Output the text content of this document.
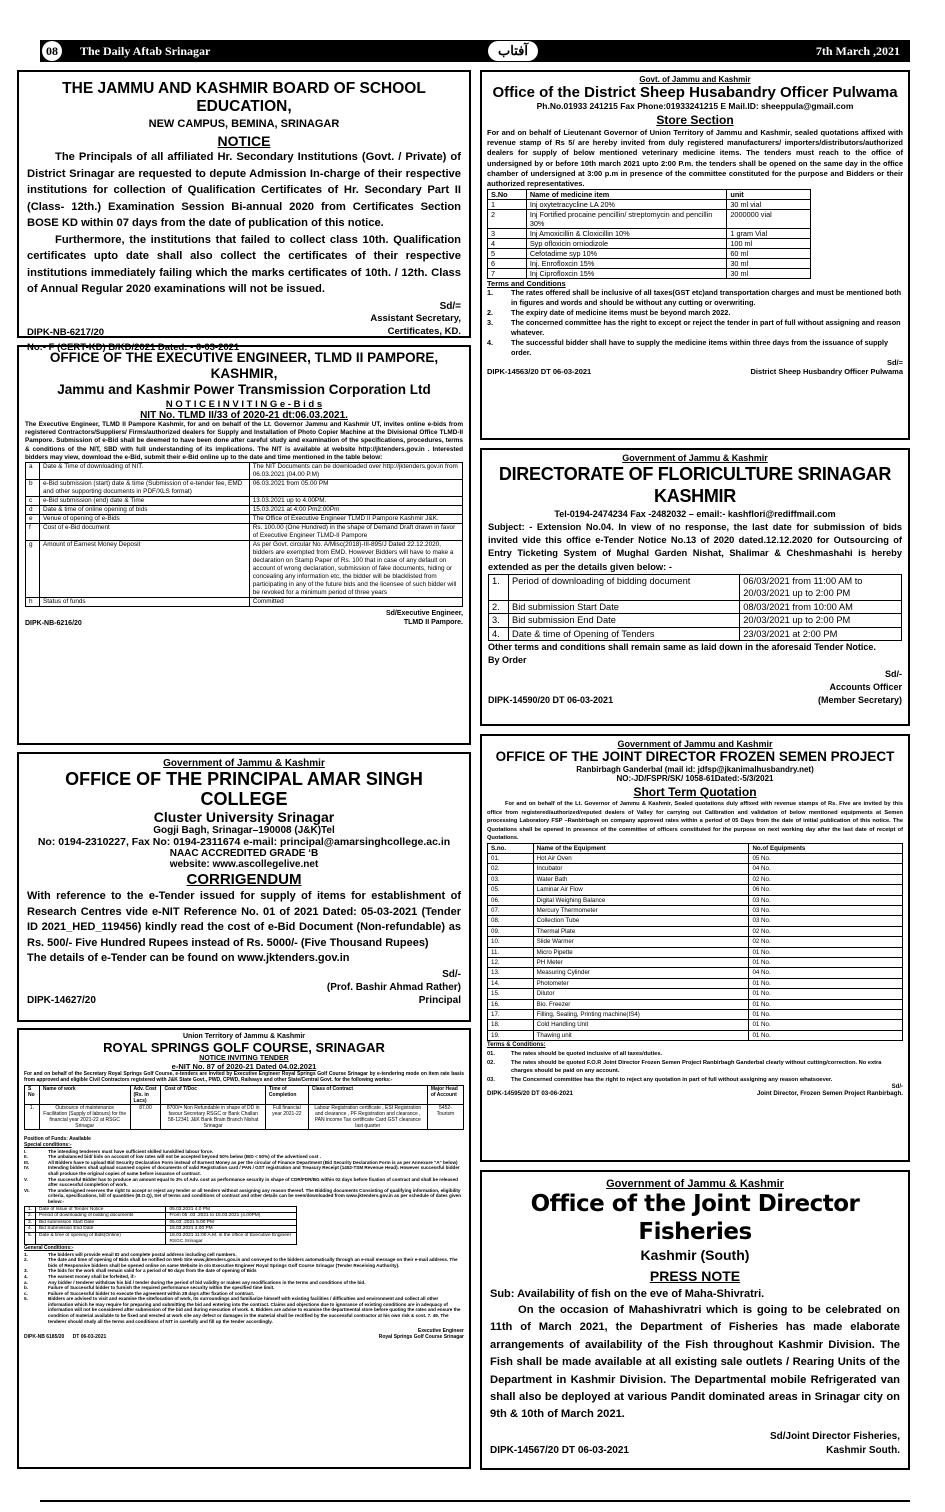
08	The Daily Aftab Srinagar	آفتاب	7th March ,2021
THE JAMMU AND KASHMIR BOARD OF SCHOOL EDUCATION,
NEW CAMPUS, BEMINA, SRINAGAR
NOTICE

The Principals of all affiliated Hr. Secondary Institutions (Govt. / Private) of District Srinagar are requested to depute Admission In-charge of their respective institutions for collection of Qualification Certificates of Hr. Secondary Part II (Class- 12th.) Examination Session Bi-annual 2020 from Certificates Section BOSE KD within 07 days from the date of publication of this notice.

Furthermore, the institutions that failed to collect class 10th. Qualification certificates upto date shall also collect the certificates of their respective institutions immediately failing which the marks certificates of 10th. / 12th. Class of Annual Regular 2020 examinations will not be issued.

Sd/=
DIPK-NB-6217/20
Assistant Secretary,
Certificates, KD.
No:- F (CERT-KD) B/KD/2021 Dated: - 6-03-2021
OFFICE OF THE EXECUTIVE ENGINEER, TLMD II PAMPORE, KASHMIR,
Jammu and Kashmir Power Transmission Corporation Ltd
N O T I C E I N V I T I N G e - B i d s
NIT No. TLMD II/33 of 2020-21 dt:06.03.2021.

The Executive Engineer, TLMD II Pampore Kashmir, for and on behalf of the Lt. Governor Jammu and Kashmir UT, invites online e-bids from registered Contractors/Suppliers/ Firms/authorized dealers for Supply and Installation of Photo Copier Machine at the Divisional Office TLMD-II Pampore. Submission of e-Bid shall be deemed to have been done after careful study and examination of the specifications, procedures, terms & conditions of the NIT, SBD with full understanding of its implications. The NIT is available at website http://jktenders.gov.in . Interested bidders may view, download the e-Bid, submit their e-Bid online up to the date and time mentioned in the table below:

a	Date & Time of downloading of NIT.	The NIT Documents can be downloaded over http://jktenders.gov.in from 06.03.2021 (04.00 P.M)
b	e-Bid submission (start) date & time (Submission of e-tender fee, EMD and other supporting documents in PDF/XLS format)	06.03.2021 from 05.00 PM
c	e-Bid submission (end) date & Time	13.03.2021 up to 4.00PM.
d	Date & time of online opening of bids	15.03.2021 at 4:00 Pm2:00Pm
e	Venue of opening of e-Bids	The Office of Executive Engineer TLMD II Pampore Kashmir J&K.
f	Cost of e-Bid document	Rs. 100.00 (One Hundred) in the shape of Demand Draft drawn in favor of Executive Engineer TLMD-II Pampore
g	Amount of Earnest Money Deposit	As per Govt. circular No. A/Misc(2018)-III-895/J Dated 22.12.2020, bidders are exempted from EMD. However Bidders will have to make a declaration on Stamp Paper of Rs. 100 that in case of any default on account of wrong declaration, submission of fake documents, hiding or concealing any information etc, the bidder will be blacklisted from participating in any of the future bids and the licensee of such bidder will be revoked for a minimum period of three years
h	Status of funds	Committed
DIPK-NB-6216/20
Sd/Executive Engineer,
TLMD II Pampore.
Government of Jammu & Kashmir
OFFICE OF THE PRINCIPAL AMAR SINGH COLLEGE
Cluster University Srinagar
Gogji Bagh, Srinagar–190008 (J&K)Tel
No: 0194-2310227, Fax No: 0194-2311674 e-mail: principal@amarsinghcollege.ac.in
NAAC ACCREDITED GRADE ‘B
website: www.ascollegelive.net
CORRIGENDUM

With reference to the e-Tender issued for supply of items for establishment of Research Centres vide e-NIT Reference No. 01 of 2021 Dated: 05-03-2021 (Tender ID 2021_HED_119456) kindly read the cost of e-Bid Document (Non-refundable) as Rs. 500/- Five Hundred Rupees instead of Rs. 5000/- (Five Thousand Rupees)

The details of e-Tender can be found on www.jktenders.gov.in

Sd/-
(Prof. Bashir Ahmad Rather)
DIPK-14627/20	Principal
Union Territory of Jammu & Kashmir
ROYAL SPRINGS GOLF COURSE, SRINAGAR
NOTICE INVITING TENDER
e-NIT No. 87 of 2020-21 Dated 04.02.2021

For and on behalf of the Secretary Royal Springs Golf Course, e-tenders are invited by Executive Engineer Royal Springs Golf Course Srinagar by e-tendering mode on item rate basis from approved and eligible Civil Contractors registered with J&K State Govt., PWD, CPWD, Railways and other State/Central Govt. for the following works:-

S No	Name of work	Adv. Cost (Rs. in Lacs)	Cost of T/Doc	Time of Completion	Class of Contract	Major Head of Account
1.	Outsource of maintenance Facilitation (Supply of labours) for the financial year 2021-22 at RSGC Srinagar	87.00	8700/= Non Refundable in shape of DD in favour Secretary RSGC or Bank Challan 58-12341 J&K Bank Brain Branch Nishat Srinagar	Full financial year 2021-22	Labour Registration certificate , ESI Registration and clearance , PF Registration and clearance , PAN income Tax certificate Card GST clearance last quarter	5452-Tourism
Position of Funds: Available
Special conditions:-
I.	The intending tenderers must have sufficient skilled /unskilled labour force.
II.	The unbalanced bid/ bids on account of low rates will not be accepted beyond 50% below (BID < 50%) of the advertised cost .
III.	All Bidders have to upload Bid Security Declaration Form instead of Earnest Money as per the circular of Finance Department (Bid Security Declaration Form is as per Annexure "A" below)
IV.	Intending bidders shall upload scanned copies of documents of valid Registration card / PAN / GST registration and Treasury Receipt (1452-TSM Revenue Head). However successful bidder shall produce the original copies of same before issuance of contract.
V.	The successful Bidder has to produce an amount equal to 3% of Adv. cost as performance security in shape of CDR/FDR/BG within 02 days before fixation of contract and shall be released after successful completion of work.
VI.	The undersigned reserves the right to accept or reject any tender or all tenders without assigning any reason thereof. The Bidding documents Consisting of qualifying information, eligibility criteria, specifications, bill of quantities (B.O.Q), Set of terms and conditions of contract and other details can be seen/downloaded from www.jktenders.gov.in as per schedule of dates given below:-
1.	Date of Issue of Tender Notice	05.03.2021 4.0 PM
2.	Period of downloading of bidding documents	From 05 .03 .2021 to 15.03.2021 (4.00PM)
3.	Bid submission Start Date	05.03 .2021 5.00 PM
4.	Bid Submission End Date	15.03.2021 4.00 PM
5.	Date & time of opening of Bids(Online)	16.03.2021 11:00 A.M. in the office of Executive Engineer RSGC Srinagar
General Conditions:-
1.	The bidders will provide email ID and complete postal address including cell numbers.
2.	The date and time of opening of Bids shall be notified on Web Site www.jktenders.gov.in and conveyed to the bidders automatically through an e-mail message on their e-mail address. The bids of Responsive bidders shall be opened online on same Website in o/o Executive Engineer Royal Springs Golf Course Srinagar (Tender Receiving Authority).
3.	The bids for the work shall remain valid for a period of 90 days from the date of opening of Bids
4.	The earnest money shall be forfeited, if:-
a.	Any bidder / tenderer withdraw his bid / tender during the period of bid validity or makes any modifications in the terms and conditions of the bid.
b.	Failure of Successful bidder to furnish the required performance security within the specified time limit.
c.	Failure of Successful bidder to execute the agreement within 28 days after fixation of contract.
5.	Bidders are advised to visit and examine the site/location of work, its surroundings and familiarize himself with existing facilities / difficulties and environment and collect all other information which he may require for preparing and submitting the bid and entering into the contract. Claims and objections due to ignorance of existing conditions are in adequacy of information will not be considered after submission of the bid and during execution of work. 6. Bidders are advise to examine the departmental store before quoting the rates and ensure the condition of material available to be fixed and erected at work site any defect or damages in the material shall be rectified by the successful contractor at his own risk & cost. 7. 49. The tenderer should study all the terms and conditions of NIT in carefully and fill up the tender accordingly.
Executive Engineer
DIPK-NB 6185/20 DT 06-03-2021	Royal Springs Golf Course Srinagar
Govt. of Jammu and Kashmir
Office of the District Sheep Husabandry Officer Pulwama
Ph.No.01933 241215 Fax Phone:01933241215 E Mail.ID: sheeppula@gmail.com
Store Section

For and on behalf of Lieutenant Governor of Union Territory of Jammu and Kashmir, sealed quotations affixed with revenue stamp of Rs 5/ are hereby invited from duly registered manufacturers/ importers/distributors/authorized dealers for supply of below mentioned veterinary medicine items. The tenders must reach to the office of undersigned by or before 10th march 2021 upto 2:00 P.m. the tenders shall be opened on the same day in the office chamber of undersigned at 3:00 p.m in presence of the committee constituted for the purpose and Bidders or their authorized representatives.

S.No	Name of medicine item	unit
1	Inj oxytetracycline LA 20%	30 ml vial
2	Inj Fortified procaine pencillin/ streptomycin and pencillin 30%	2000000 vial
3	Inj Amoxicillin & Cloxicillin 10%	1 gram Vial
4	Syp ofloxicin orniodizole	100 ml
5	Cefotadime syp 10%	60 ml
6	Inj. Enrofloxcin 15%	30 ml
7	Inj Ciprofloxcin 15%	30 ml
Terms and Conditions
1.	The rates offered shall be inclusive of all taxes(GST etc)and transportation charges and must be mentioned both in figures and words and should be without any cutting or overwriting.
2.	The expiry date of medicine items must be beyond march 2022.
3.	The concerned committee has the right to except or reject the tender in part of full without assigning and reason whatever.
4.	The successful bidder shall have to supply the medicine items within three days from the issuance of supply order.
Sd/=
DIPK-14563/20 DT 06-03-2021	District Sheep Husbandry Officer Pulwama
Government of Jammu & Kashmir
DIRECTORATE OF FLORICULTURE SRINAGAR KASHMIR
Tel-0194-2474234 Fax -2482032 – email:- kashflori@rediffmail.com

Subject: - Extension No.04. In view of no response, the last date for submission of bids invited vide this office e-Tender Notice No.13 of 2020 dated.12.12.2020 for Outsourcing of Entry Ticketing System of Mughal Garden Nishat, Shalimar & Cheshmashahi is hereby extended as per the details given below: -

1.	Period of downloading of bidding document	06/03/2021 from 11:00 AM to 20/03/2021 up to 2:00 PM
2.	Bid submission Start Date	08/03/2021 from 10:00 AM
3.	Bid submission End Date	20/03/2021 up to 2:00 PM
4.	Date & time of Opening of Tenders	23/03/2021 at 2:00 PM
Other terms and conditions shall remain same as laid down in the aforesaid Tender Notice.
By Order
Sd/-
Accounts Officer
DIPK-14590/20 DT 06-03-2021	(Member Secretary)
Government of Jammu and Kashmir
OFFICE OF THE JOINT DIRECTOR FROZEN SEMEN PROJECT
Ranbirbagh Ganderbal (mail id: jdfsp@jkanimalhusbandry.net)
NO:-JD/FSPR/SK/ 1058-61Dated:-5/3/2021
Short Term Quotation

For and on behalf of the Lt. Governor of Jammu & Kashmir, Sealed quotations duly affixed with revenue stamps of Rs. Five are invited by this office from registered/authorized/reputed dealers of Valley for carrying out Calibration and validation of below mentioned equipments at Semen processing Laboratory FSP –Ranbirbagh on company approved rates within a period of 05 Days from the date of initial publication of this notice. The Quotations shall be opened in presence of the committee of officers constituted for the purpose on next working day after the last date of receipt of Quotations.

S.no.	Name of the Equipment	No.of Equipments
01.	Hot Air Oven	05 No.
02.	Incubator	04 No.
03.	Water Bath	02 No.
05.	Laminar Air Flow	06 No.
06.	Digital Weighing Balance	03 No.
07.	Mercury Thermometer	03 No.
08.	Collection Tube	03 No.
09.	Thermal Plate	02 No.
10.	Slide Warmer	02 No.
11.	Micro Pipette	01 No.
12.	PH Meter	01 No.
13.	Measuring Cylinder	04 No.
14.	Photometer	01 No.
15.	Dilutor	01 No.
16.	Bio. Freezer	01 No.
17.	Filling, Sealing, Printing machine(IS4)	01 No.
18.	Cold Handling Unit	01 No.
19.	Thawing unit	01 No.
Terms & Conditions:
01.	The rates should be quoted inclusive of all taxes/duties.
02.	The rates should be quoted F.O.R Joint Director Frozen Semen Project Ranbirbagh Ganderbal clearly without cutting/correction. No extra charges should be paid on any account.
03.	The Concerned committee has the right to reject any quotation in part of full without assigning any reason whatsoever.
Sd/-
DIPK-14595/20 DT 03-06-2021	Joint Director, Frozen Semen Project Ranbirbagh.
Government of Jammu & Kashmir
Office of the Joint Director Fisheries
Kashmir (South)
PRESS NOTE
Sub: Availability of fish on the eve of Maha-Shivratri.

On the occasion of Mahashivratri which is going to be celebrated on 11th of March 2021, the Department of Fisheries has made elaborate arrangements of availability of the Fish throughout Kashmir Division. The Fish shall be made available at all existing sale outlets / Rearing Units of the Department in Kashmir Division. The Departmental mobile Refrigerated van shall also be deployed at various Pandit dominated areas in Srinagar city on 9th & 10th of March 2021.

Sd/Joint Director Fisheries,
DIPK-14567/20 DT 06-03-2021	Kashmir South.
